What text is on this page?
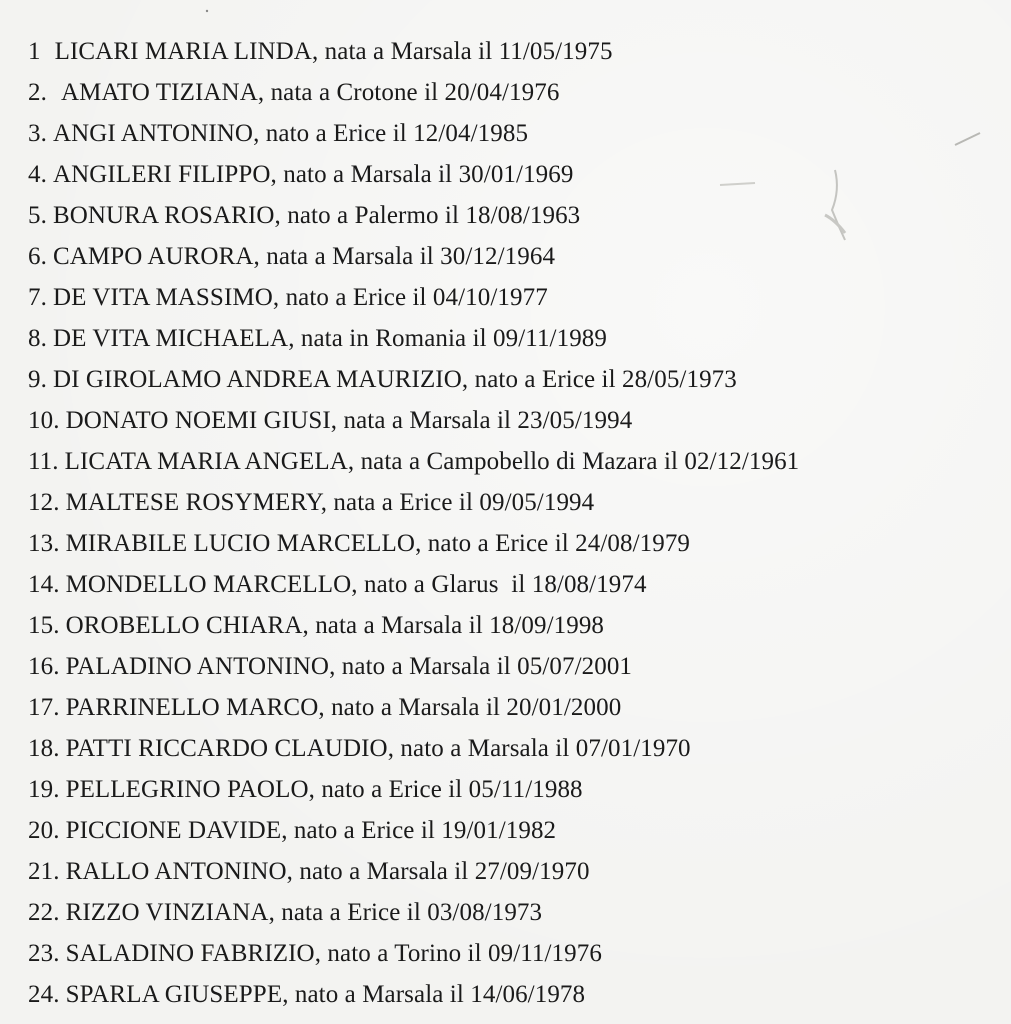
1 LICARI MARIA LINDA, nata a Marsala il 11/05/1975
2. AMATO TIZIANA, nata a Crotone il 20/04/1976
3. ANGI ANTONINO, nato a Erice il 12/04/1985
4. ANGILERI FILIPPO, nato a Marsala il 30/01/1969
5. BONURA ROSARIO, nato a Palermo il 18/08/1963
6. CAMPO AURORA, nata a Marsala il 30/12/1964
7. DE VITA MASSIMO, nato a Erice il 04/10/1977
8. DE VITA MICHAELA, nata in Romania il 09/11/1989
9. DI GIROLAMO ANDREA MAURIZIO, nato a Erice il 28/05/1973
10. DONATO NOEMI GIUSI, nata a Marsala il 23/05/1994
11. LICATA MARIA ANGELA, nata a Campobello di Mazara il 02/12/1961
12. MALTESE ROSYMERY, nata a Erice il 09/05/1994
13. MIRABILE LUCIO MARCELLO, nato a Erice il 24/08/1979
14. MONDELLO MARCELLO, nato a Glarus  il 18/08/1974
15. OROBELLO CHIARA, nata a Marsala il 18/09/1998
16. PALADINO ANTONINO, nato a Marsala il 05/07/2001
17. PARRINELLO MARCO, nato a Marsala il 20/01/2000
18. PATTI RICCARDO CLAUDIO, nato a Marsala il 07/01/1970
19. PELLEGRINO PAOLO, nato a Erice il 05/11/1988
20. PICCIONE DAVIDE, nato a Erice il 19/01/1982
21. RALLO ANTONINO, nato a Marsala il 27/09/1970
22. RIZZO VINZIANA, nata a Erice il 03/08/1973
23. SALADINO FABRIZIO, nato a Torino il 09/11/1976
24. SPARLA GIUSEPPE, nato a Marsala il 14/06/1978
